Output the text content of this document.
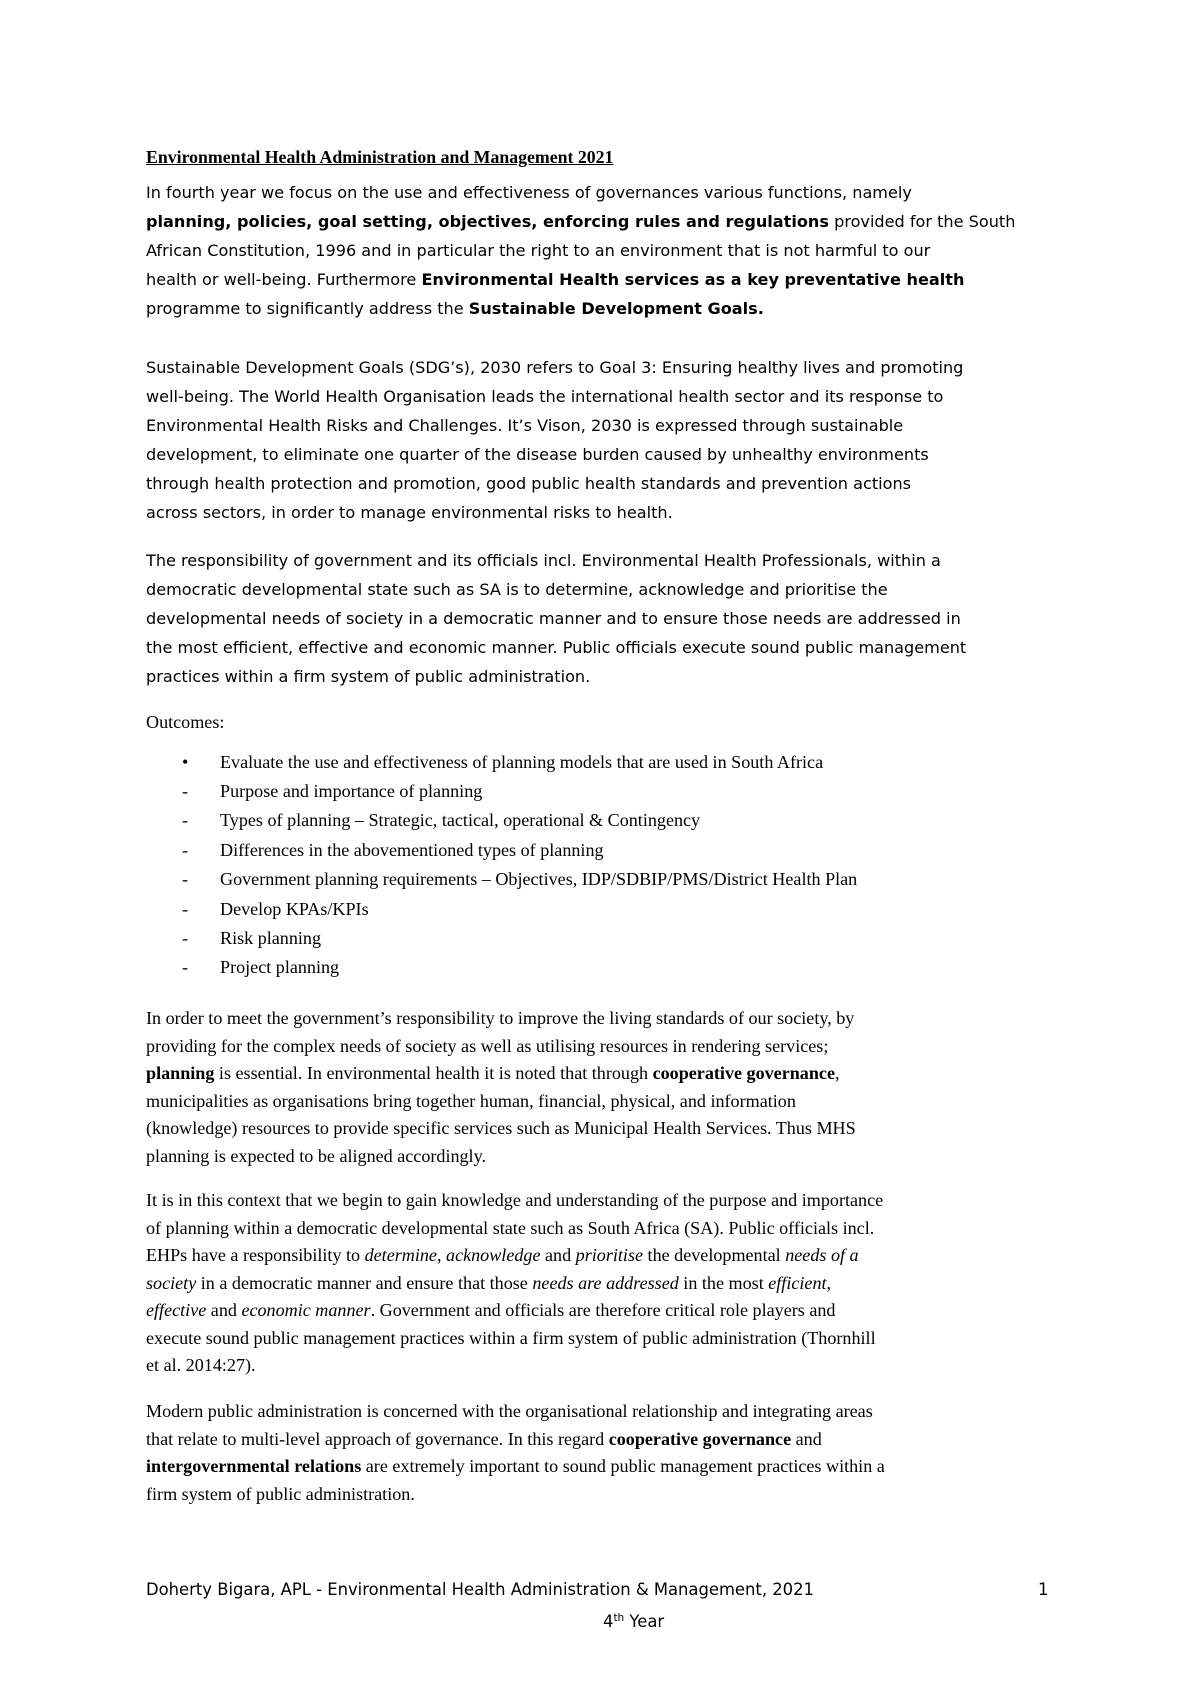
Environmental Health Administration and Management 2021
In fourth year we focus on the use and effectiveness of governances various functions, namely
planning, policies, goal setting, objectives, enforcing rules and regulations provided for the South
African Constitution, 1996 and in particular the right to an environment that is not harmful to our
health or well-being. Furthermore Environmental Health services as a key preventative health
programme to significantly address the Sustainable Development Goals.
Sustainable Development Goals (SDG’s), 2030 refers to Goal 3: Ensuring healthy lives and promoting
well-being. The World Health Organisation leads the international health sector and its response to
Environmental Health Risks and Challenges. It’s Vison, 2030 is expressed through sustainable
development, to eliminate one quarter of the disease burden caused by unhealthy environments
through health protection and promotion, good public health standards and prevention actions
across sectors, in order to manage environmental risks to health.
The responsibility of government and its officials incl. Environmental Health Professionals, within a
democratic developmental state such as SA is to determine, acknowledge and prioritise the
developmental needs of society in a democratic manner and to ensure those needs are addressed in
the most efficient, effective and economic manner. Public officials execute sound public management
practices within a firm system of public administration.
Outcomes:
• Evaluate the use and effectiveness of planning models that are used in South Africa
- Purpose and importance of planning
- Types of planning – Strategic, tactical, operational & Contingency
- Differences in the abovementioned types of planning
- Government planning requirements – Objectives, IDP/SDBIP/PMS/District Health Plan
- Develop KPAs/KPIs
- Risk planning
- Project planning
In order to meet the government’s responsibility to improve the living standards of our society, by
providing for the complex needs of society as well as utilising resources in rendering services;
planning is essential. In environmental health it is noted that through cooperative governance,
municipalities as organisations bring together human, financial, physical, and information
(knowledge) resources to provide specific services such as Municipal Health Services. Thus MHS
planning is expected to be aligned accordingly.
It is in this context that we begin to gain knowledge and understanding of the purpose and importance
of planning within a democratic developmental state such as South Africa (SA). Public officials incl.
EHPs have a responsibility to determine, acknowledge and prioritise the developmental needs of a
society in a democratic manner and ensure that those needs are addressed in the most efficient,
effective and economic manner. Government and officials are therefore critical role players and
execute sound public management practices within a firm system of public administration (Thornhill
et al. 2014:27).
Modern public administration is concerned with the organisational relationship and integrating areas
that relate to multi-level approach of governance. In this regard cooperative governance and
intergovernmental relations are extremely important to sound public management practices within a
firm system of public administration.
Doherty Bigara, APL - Environmental Health Administration & Management, 2021	1
4th Year
